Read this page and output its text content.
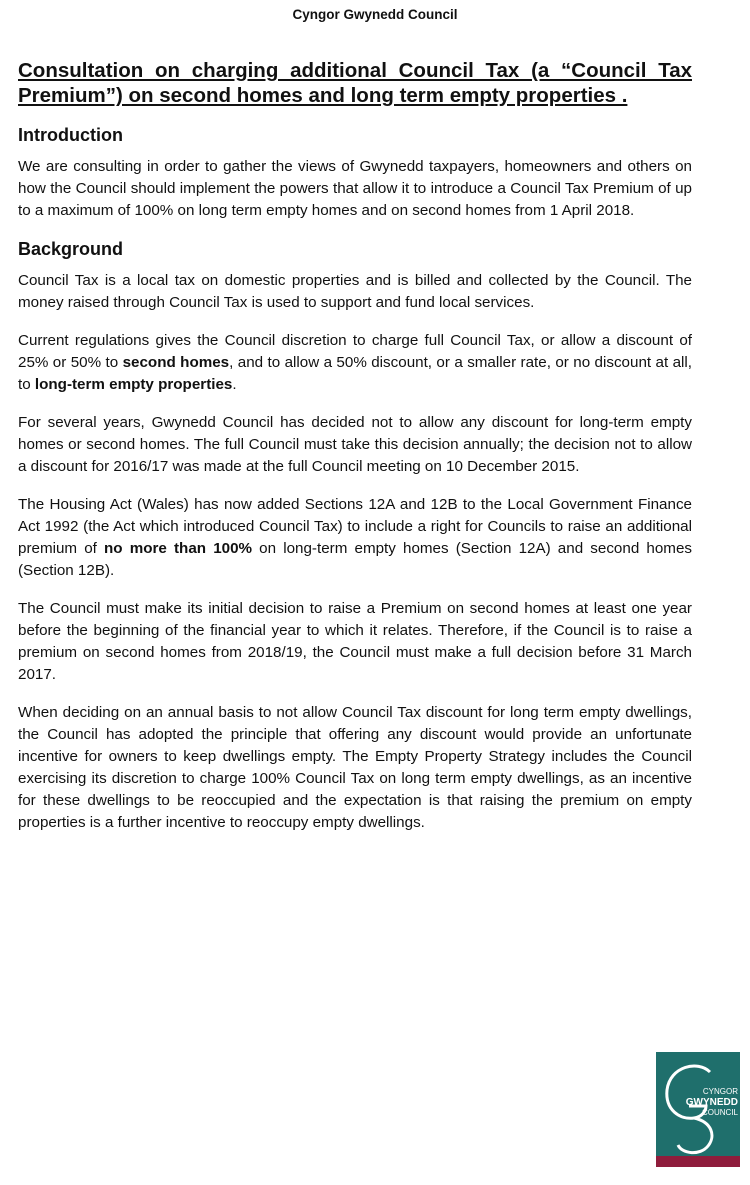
Cyngor Gwynedd Council
Consultation on charging additional Council Tax (a “Council Tax Premium”) on second homes and long term empty properties .
Introduction

We are consulting in order to gather the views of Gwynedd taxpayers, homeowners and others on how the Council should implement the powers that allow it to introduce a Council Tax Premium of up to a maximum of 100% on long term empty homes and on second homes from 1 April 2018.

Background

Council Tax is a local tax on domestic properties and is billed and collected by the Council. The money raised through Council Tax is used to support and fund local services.

Current regulations gives the Council discretion to charge full Council Tax, or allow a discount of 25% or 50% to second homes, and to allow a 50% discount, or a smaller rate, or no discount at all, to long-term empty properties.

For several years, Gwynedd Council has decided not to allow any discount for long-term empty homes or second homes. The full Council must take this decision annually; the decision not to allow a discount for 2016/17 was made at the full Council meeting on 10 December 2015.

The Housing Act (Wales) has now added Sections 12A and 12B to the Local Government Finance Act 1992 (the Act which introduced Council Tax) to include a right for Councils to raise an additional premium of no more than 100% on long-term empty homes (Section 12A) and second homes (Section 12B).

The Council must make its initial decision to raise a Premium on second homes at least one year before the beginning of the financial year to which it relates. Therefore, if the Council is to raise a premium on second homes from 2018/19, the Council must make a full decision before 31 March 2017.

When deciding on an annual basis to not allow Council Tax discount for long term empty dwellings, the Council has adopted the principle that offering any discount would provide an unfortunate incentive for owners to keep dwellings empty. The Empty Property Strategy includes the Council exercising its discretion to charge 100% Council Tax on long term empty dwellings, as an incentive for these dwellings to be reoccupied and the expectation is that raising the premium on empty properties is a further incentive to reoccupy empty dwellings.

CYNGOR
GWYNEDD
COUNCIL
